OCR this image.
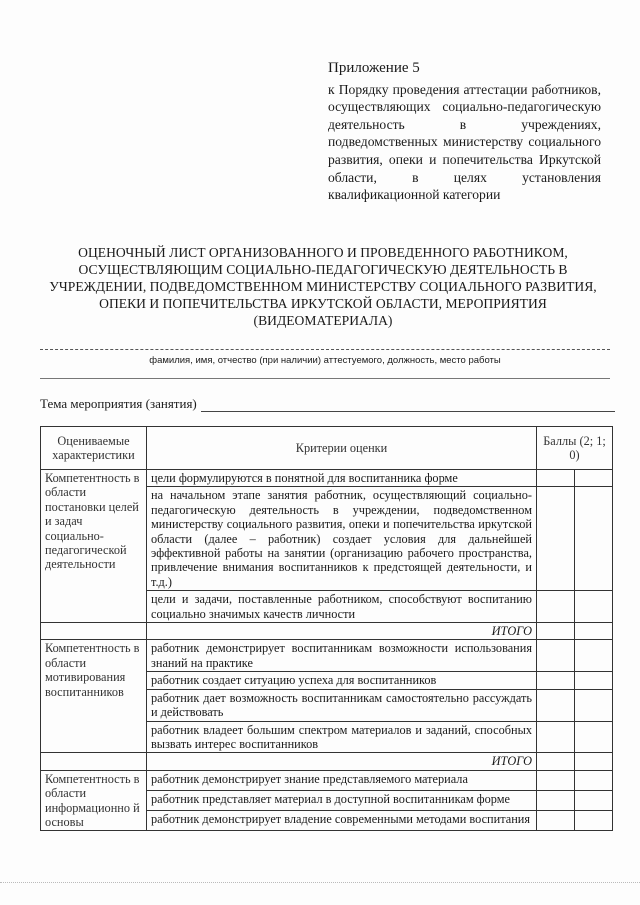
Приложение 5
к Порядку проведения аттестации работников, осуществляющих социально-педагогическую деятельность в учреждениях, подведомственных министерству социального развития, опеки и попечительства Иркутской области, в целях установления квалификационной категории
ОЦЕНОЧНЫЙ ЛИСТ ОРГАНИЗОВАННОГО И ПРОВЕДЕННОГО РАБОТНИКОМ, ОСУЩЕСТВЛЯЮЩИМ СОЦИАЛЬНО-ПЕДАГОГИЧЕСКУЮ ДЕЯТЕЛЬНОСТЬ В УЧРЕЖДЕНИИ, ПОДВЕДОМСТВЕННОМ МИНИСТЕРСТВУ СОЦИАЛЬНОГО РАЗВИТИЯ, ОПЕКИ И ПОПЕЧИТЕЛЬСТВА ИРКУТСКОЙ ОБЛАСТИ, МЕРОПРИЯТИЯ (ВИДЕОМАТЕРИАЛА)
фамилия, имя, отчество (при наличии) аттестуемого, должность, место работы
Тема мероприятия (занятия)
Оцениваемые характеристики	Критерии оценки	Баллы (2; 1; 0)	
Компетентность в области постановки целей и задач социально-педагогической деятельности	цели формулируются в понятной для воспитанника форме		
	на начальном этапе занятия работник, осуществляющий социально-педагогическую деятельность в учреждении, подведомственном министерству социального развития, опеки и попечительства иркутской области (далее – работник) создает условия для дальнейшей эффективной работы на занятии (организацию рабочего пространства, привлечение внимания воспитанников к предстоящей деятельности, и т.д.)		
	цели и задачи, поставленные работником, способствуют воспитанию социально значимых качеств личности		
	ИТОГО		
Компетентность в области мотивирования воспитанников	работник демонстрирует воспитанникам возможности использования знаний на практике		
	работник создает ситуацию успеха для воспитанников		
	работник дает возможность воспитанникам самостоятельно рассуждать и действовать		
	работник владеет большим спектром материалов и заданий, способных вызвать интерес воспитанников		
	ИТОГО		
Компетентность в области информационно й основы	работник демонстрирует знание представляемого материала		
	работник представляет материал в доступной воспитанникам форме		
	работник демонстрирует владение современными методами воспитания		
